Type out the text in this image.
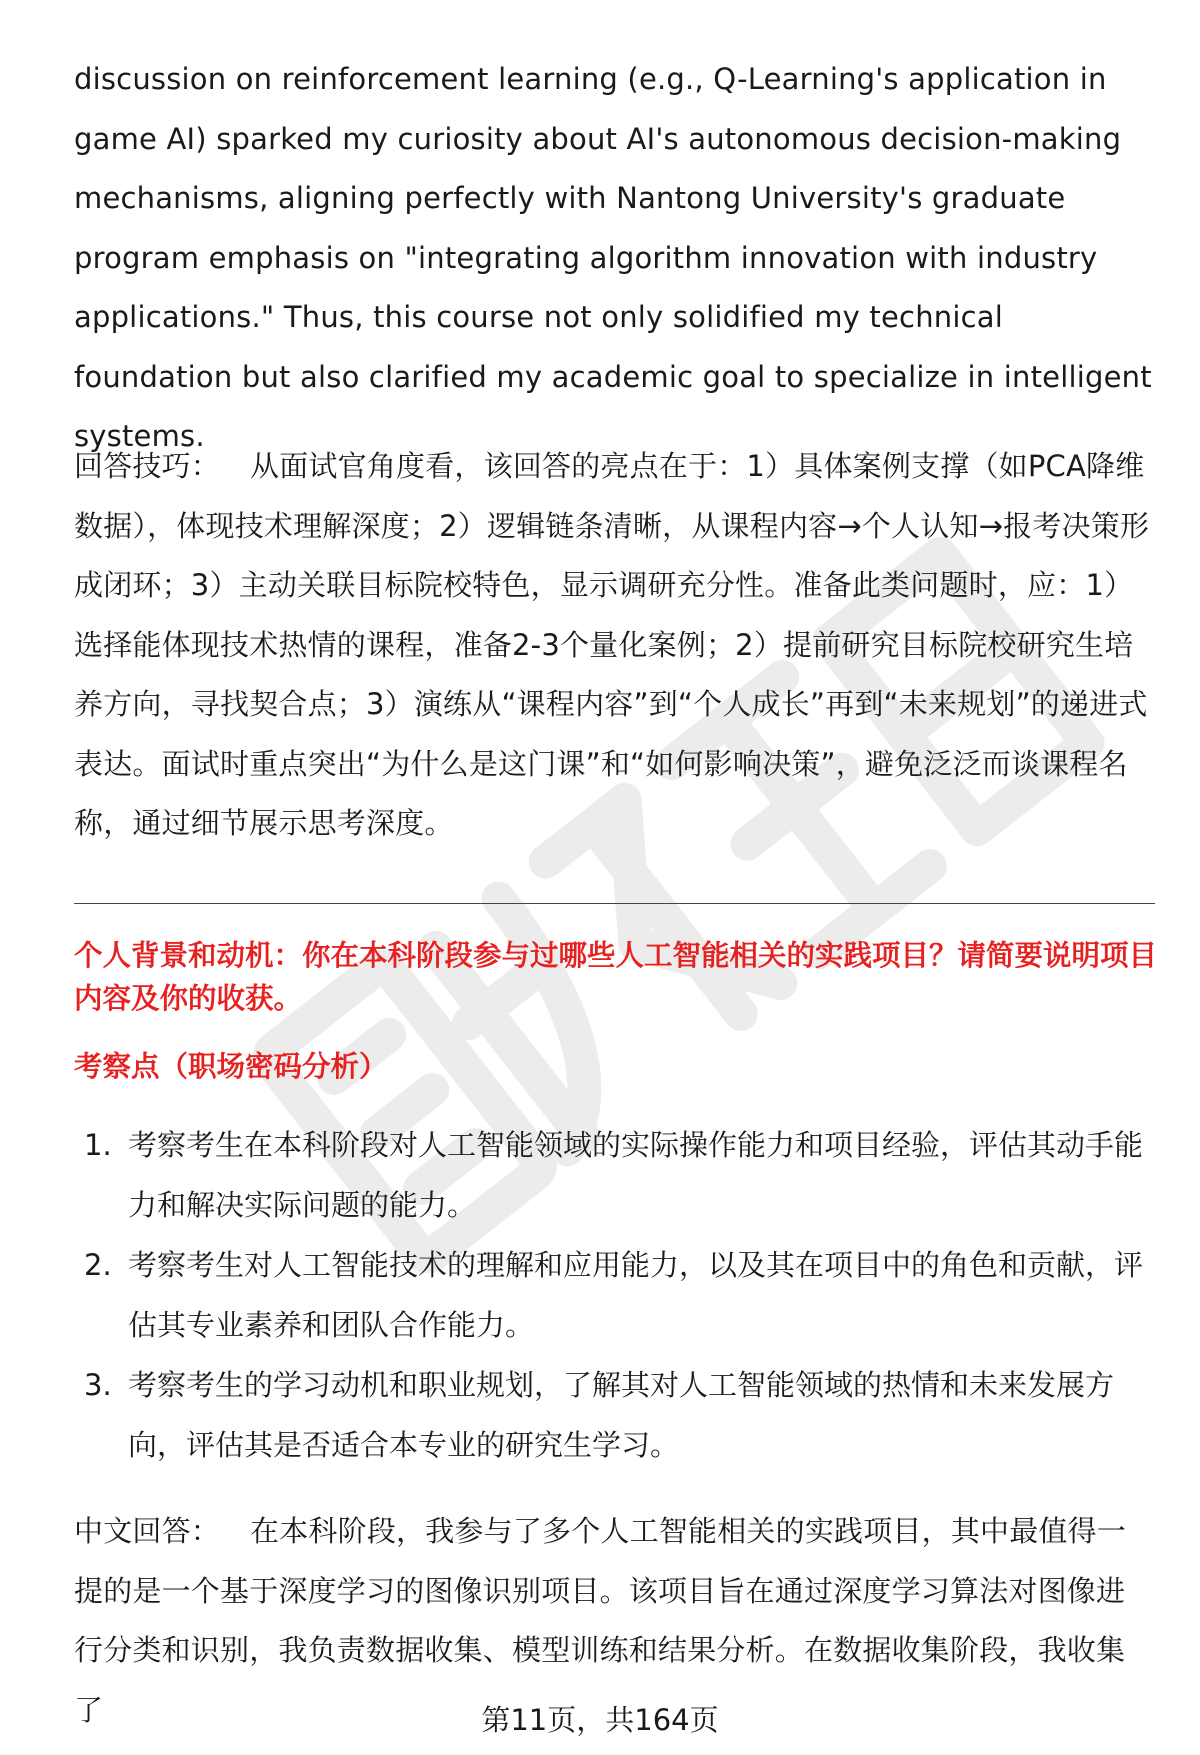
discussion on reinforcement learning (e.g., Q-Learning's application in game AI) sparked my curiosity about AI's autonomous decision-making mechanisms, aligning perfectly with Nantong University's graduate program emphasis on "integrating algorithm innovation with industry applications." Thus, this course not only solidified my technical foundation but also clarified my academic goal to specialize in intelligent systems.

回答技巧： 从面试官角度看，该回答的亮点在于：1）具体案例支撑（如PCA降维数据），体现技术理解深度；2）逻辑链条清晰，从课程内容→个人认知→报考决策形成闭环；3）主动关联目标院校特色，显示调研充分性。准备此类问题时，应：1）选择能体现技术热情的课程，准备2-3个量化案例；2）提前研究目标院校研究生培养方向，寻找契合点；3）演练从“课程内容”到“个人成长”再到“未来规划”的递进式表达。面试时重点突出“为什么是这门课”和“如何影响决策”，避免泛泛而谈课程名称，通过细节展示思考深度。

个人背景和动机：你在本科阶段参与过哪些人工智能相关的实践项目？请简要说明项目内容及你的收获。

考察点（职场密码分析）

1. 考察考生在本科阶段对人工智能领域的实际操作能力和项目经验，评估其动手能力和解决实际问题的能力。
2. 考察考生对人工智能技术的理解和应用能力，以及其在项目中的角色和贡献，评估其专业素养和团队合作能力。
3. 考察考生的学习动机和职业规划，了解其对人工智能领域的热情和未来发展方向，评估其是否适合本专业的研究生学习。

中文回答： 在本科阶段，我参与了多个人工智能相关的实践项目，其中最值得一提的是一个基于深度学习的图像识别项目。该项目旨在通过深度学习算法对图像进行分类和识别，我负责数据收集、模型训练和结果分析。在数据收集阶段，我收集了	第11页，共164页
